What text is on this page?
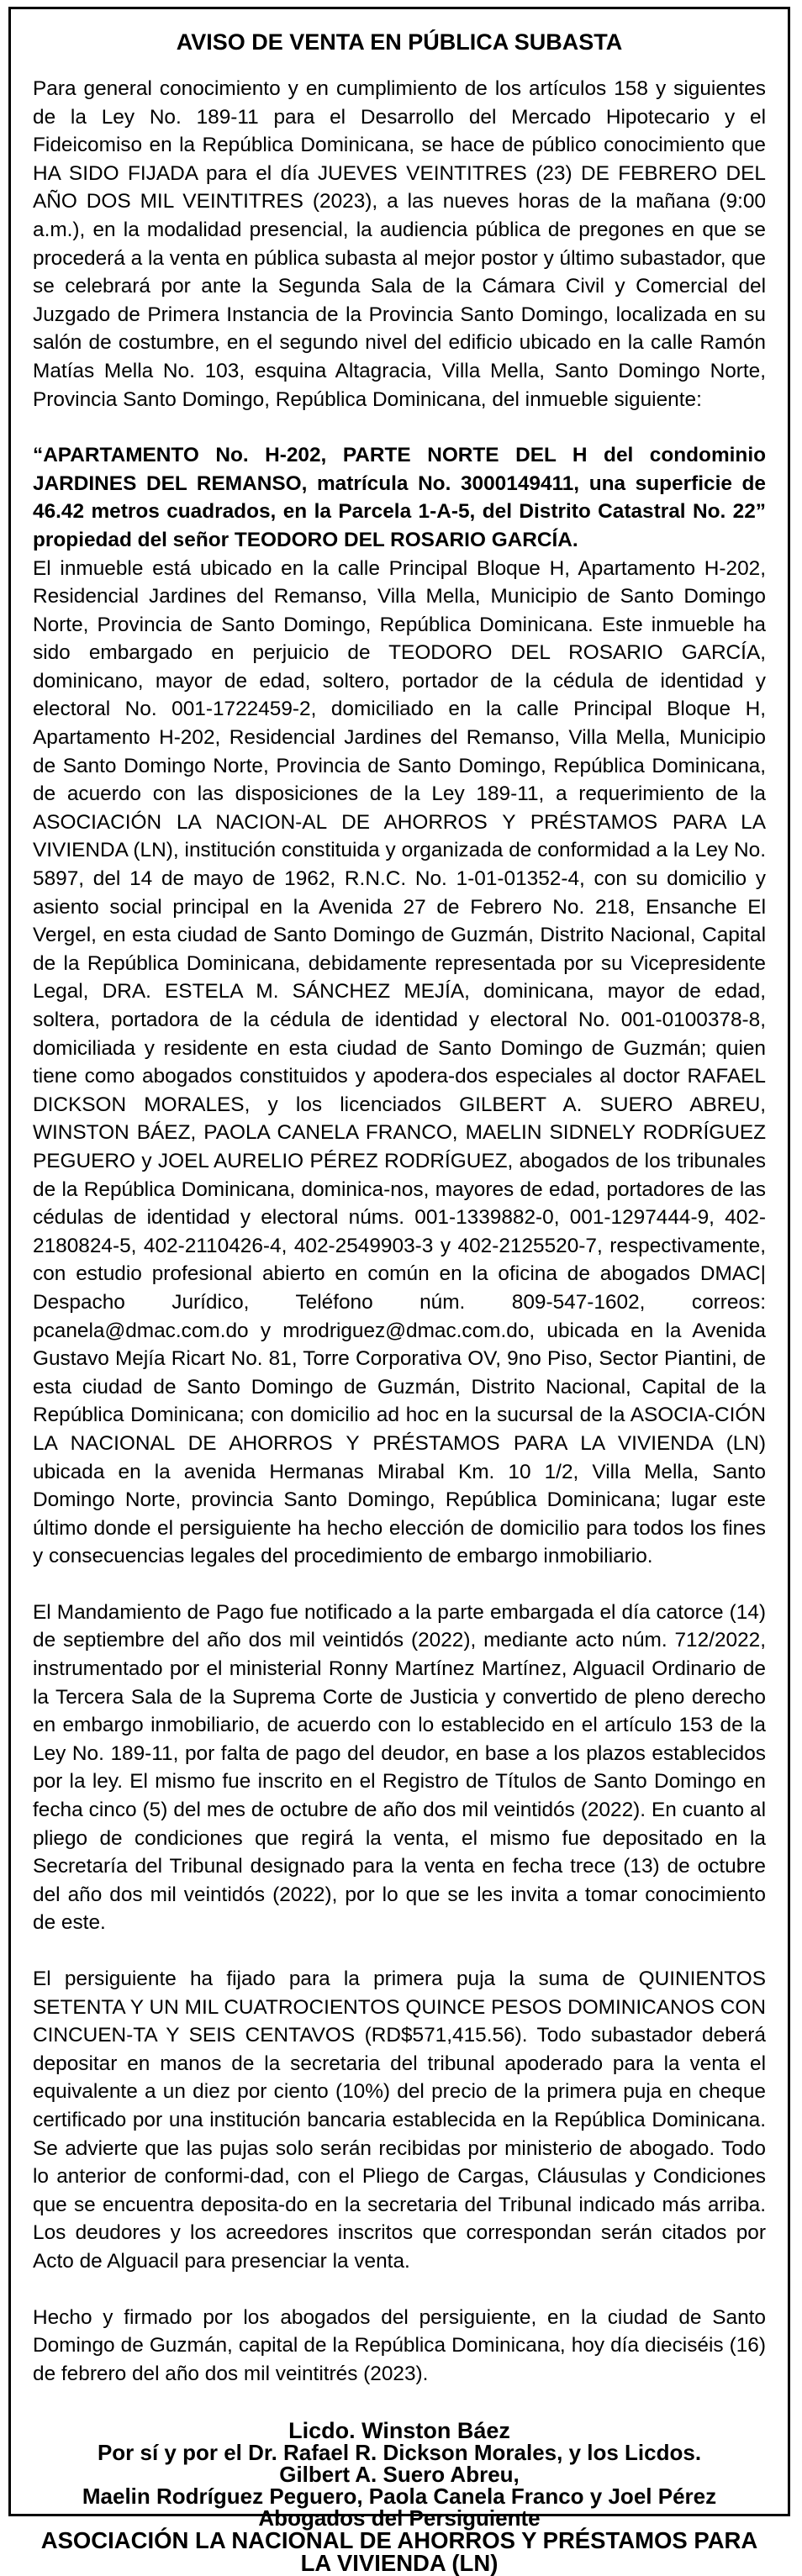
AVISO DE VENTA EN PÚBLICA SUBASTA

Para general conocimiento y en cumplimiento de los artículos 158 y siguientes de la Ley No. 189-11 para el Desarrollo del Mercado Hipotecario y el Fideicomiso en la República Dominicana, se hace de público conocimiento que HA SIDO FIJADA para el día JUEVES VEINTITRES (23) DE FEBRERO DEL AÑO DOS MIL VEINTITRES (2023), a las nueves horas de la mañana (9:00 a.m.), en la modalidad presencial, la audiencia pública de pregones en que se procederá a la venta en pública subasta al mejor postor y último subastador, que se celebrará por ante la Segunda Sala de la Cámara Civil y Comercial del Juzgado de Primera Instancia de la Provincia Santo Domingo, localizada en su salón de costumbre, en el segundo nivel del edificio ubicado en la calle Ramón Matías Mella No. 103, esquina Altagracia, Villa Mella, Santo Domingo Norte, Provincia Santo Domingo, República Dominicana, del inmueble siguiente:

“APARTAMENTO No. H-202, PARTE NORTE DEL H del condominio JARDINES DEL REMANSO, matrícula No. 3000149411, una superficie de 46.42 metros cuadrados, en la Parcela 1-A-5, del Distrito Catastral No. 22” propiedad del señor TEODORO DEL ROSARIO GARCÍA.

El inmueble está ubicado en la calle Principal Bloque H, Apartamento H-202, Residencial Jardines del Remanso, Villa Mella, Municipio de Santo Domingo Norte, Provincia de Santo Domingo, República Dominicana. Este inmueble ha sido embargado en perjuicio de TEODORO DEL ROSARIO GARCÍA, dominicano, mayor de edad, soltero, portador de la cédula de identidad y electoral No. 001-1722459-2, domiciliado en la calle Principal Bloque H, Apartamento H-202, Residencial Jardines del Remanso, Villa Mella, Municipio de Santo Domingo Norte, Provincia de Santo Domingo, República Dominicana, de acuerdo con las disposiciones de la Ley 189-11, a requerimiento de la ASOCIACIÓN LA NACION-AL DE AHORROS Y PRÉSTAMOS PARA LA VIVIENDA (LN), institución constituida y organizada de conformidad a la Ley No. 5897, del 14 de mayo de 1962, R.N.C. No. 1-01-01352-4, con su domicilio y asiento social principal en la Avenida 27 de Febrero No. 218, Ensanche El Vergel, en esta ciudad de Santo Domingo de Guzmán, Distrito Nacional, Capital de la República Dominicana, debidamente representada por su Vicepresidente Legal, DRA. ESTELA M. SÁNCHEZ MEJÍA, dominicana, mayor de edad, soltera, portadora de la cédula de identidad y electoral No. 001-0100378-8, domiciliada y residente en esta ciudad de Santo Domingo de Guzmán; quien tiene como abogados constituidos y apodera-dos especiales al doctor RAFAEL DICKSON MORALES, y los licenciados GILBERT A. SUERO ABREU, WINSTON BÁEZ, PAOLA CANELA FRANCO, MAELIN SIDNELY RODRÍGUEZ PEGUERO y JOEL AURELIO PÉREZ RODRÍGUEZ, abogados de los tribunales de la República Dominicana, dominica-nos, mayores de edad, portadores de las cédulas de identidad y electoral núms. 001-1339882-0, 001-1297444-9, 402-2180824-5, 402-2110426-4, 402-2549903-3 y 402-2125520-7, respectivamente, con estudio profesional abierto en común en la oficina de abogados DMAC| Despacho Jurídico, Teléfono núm. 809-547-1602, correos: pcanela@dmac.com.do y mrodriguez@dmac.com.do, ubicada en la Avenida Gustavo Mejía Ricart No. 81, Torre Corporativa OV, 9no Piso, Sector Piantini, de esta ciudad de Santo Domingo de Guzmán, Distrito Nacional, Capital de la República Dominicana; con domicilio ad hoc en la sucursal de la ASOCIA-CIÓN LA NACIONAL DE AHORROS Y PRÉSTAMOS PARA LA VIVIENDA (LN) ubicada en la avenida Hermanas Mirabal Km. 10 1/2, Villa Mella, Santo Domingo Norte, provincia Santo Domingo, República Dominicana; lugar este último donde el persiguiente ha hecho elección de domicilio para todos los fines y consecuencias legales del procedimiento de embargo inmobiliario.

El Mandamiento de Pago fue notificado a la parte embargada el día catorce (14) de septiembre del año dos mil veintidós (2022), mediante acto núm. 712/2022, instrumentado por el ministerial Ronny Martínez Martínez, Alguacil Ordinario de la Tercera Sala de la Suprema Corte de Justicia y convertido de pleno derecho en embargo inmobiliario, de acuerdo con lo establecido en el artículo 153 de la Ley No. 189-11, por falta de pago del deudor, en base a los plazos establecidos por la ley. El mismo fue inscrito en el Registro de Títulos de Santo Domingo en fecha cinco (5) del mes de octubre de año dos mil veintidós (2022). En cuanto al pliego de condiciones que regirá la venta, el mismo fue depositado en la Secretaría del Tribunal designado para la venta en fecha trece (13) de octubre del año dos mil veintidós (2022), por lo que se les invita a tomar conocimiento de este.

El persiguiente ha fijado para la primera puja la suma de QUINIENTOS SETENTA Y UN MIL CUATROCIENTOS QUINCE PESOS DOMINICANOS CON CINCUEN-TA Y SEIS CENTAVOS (RD$571,415.56). Todo subastador deberá depositar en manos de la secretaria del tribunal apoderado para la venta el equivalente a un diez por ciento (10%) del precio de la primera puja en cheque certificado por una institución bancaria establecida en la República Dominicana. Se advierte que las pujas solo serán recibidas por ministerio de abogado. Todo lo anterior de conformi-dad, con el Pliego de Cargas, Cláusulas y Condiciones que se encuentra deposita-do en la secretaria del Tribunal indicado más arriba. Los deudores y los acreedores inscritos que correspondan serán citados por Acto de Alguacil para presenciar la venta.

Hecho y firmado por los abogados del persiguiente, en la ciudad de Santo Domingo de Guzmán, capital de la República Dominicana, hoy día dieciséis (16) de febrero del año dos mil veintitrés (2023).

Licdo. Winston Báez

Por sí y por el Dr. Rafael R. Dickson Morales, y los Licdos.

Gilbert A. Suero Abreu,

Maelin Rodríguez Peguero, Paola Canela Franco y Joel Pérez

Abogados del Persiguiente

ASOCIACIÓN LA NACIONAL DE AHORROS Y PRÉSTAMOS PARA

LA VIVIENDA (LN)
